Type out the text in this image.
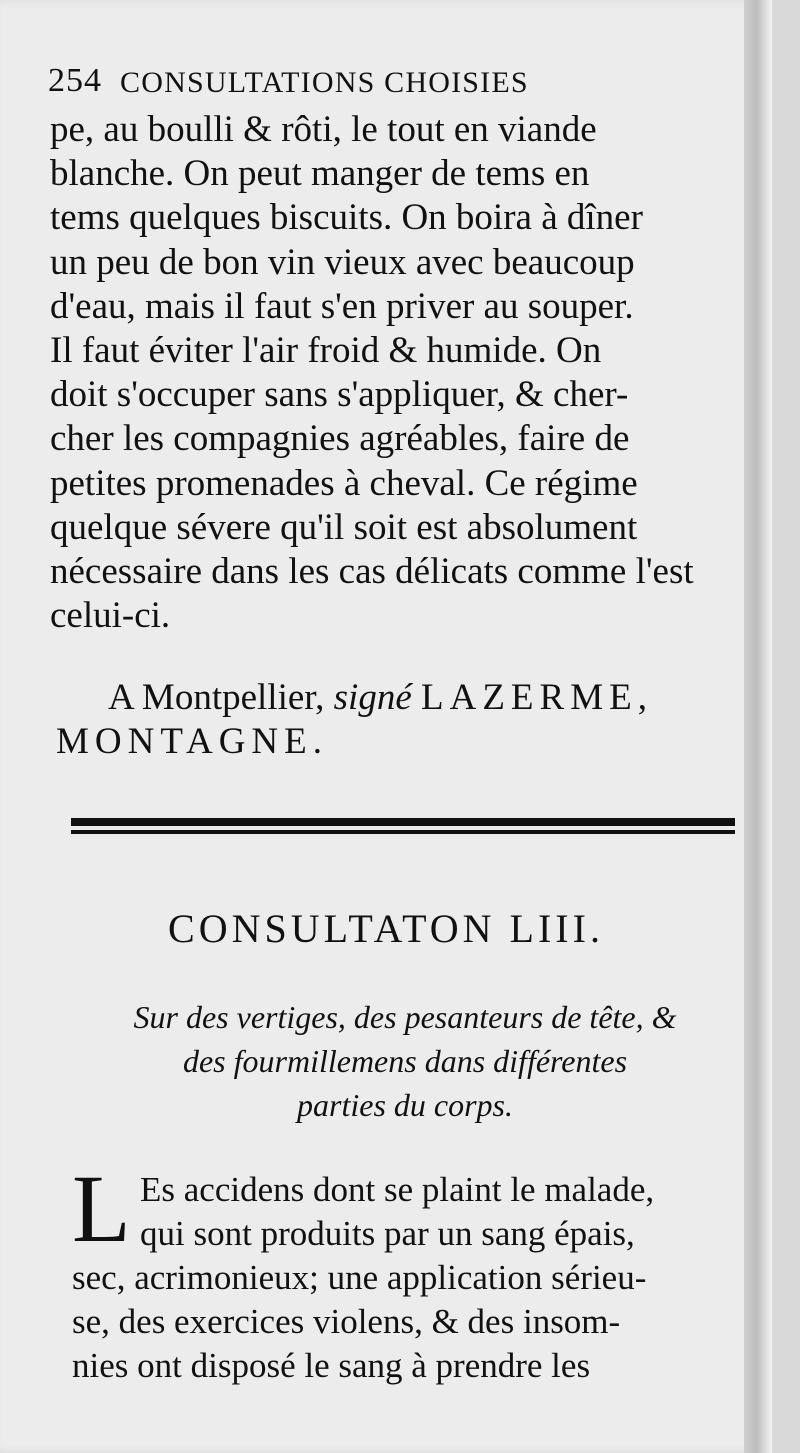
254 CONSULTATIONS CHOISIES
pe, au boulli & rôti, le tout en viande
blanche. On peut manger de tems en
tems quelques biscuits. On boira à dîner
un peu de bon vin vieux avec beaucoup
d'eau, mais il faut s'en priver au souper.
Il faut éviter l'air froid & humide. On
doit s'occuper sans s'appliquer, & cher-
cher les compagnies agréables, faire de
petites promenades à cheval. Ce régime
quelque sévere qu'il soit est absolument
nécessaire dans les cas délicats comme l'est
celui-ci.
A Montpellier, signé LAZERME,
MONTAGNE.
CONSULTATON LIII.
Sur des vertiges, des pesanteurs de tête, &
des fourmillemens dans différentes
parties du corps.
L Es accidens dont se plaint le malade,
qui sont produits par un sang épais,
sec, acrimonieux; une application sérieu-
se, des exercices violens, & des insom-
nies ont disposé le sang à prendre les
